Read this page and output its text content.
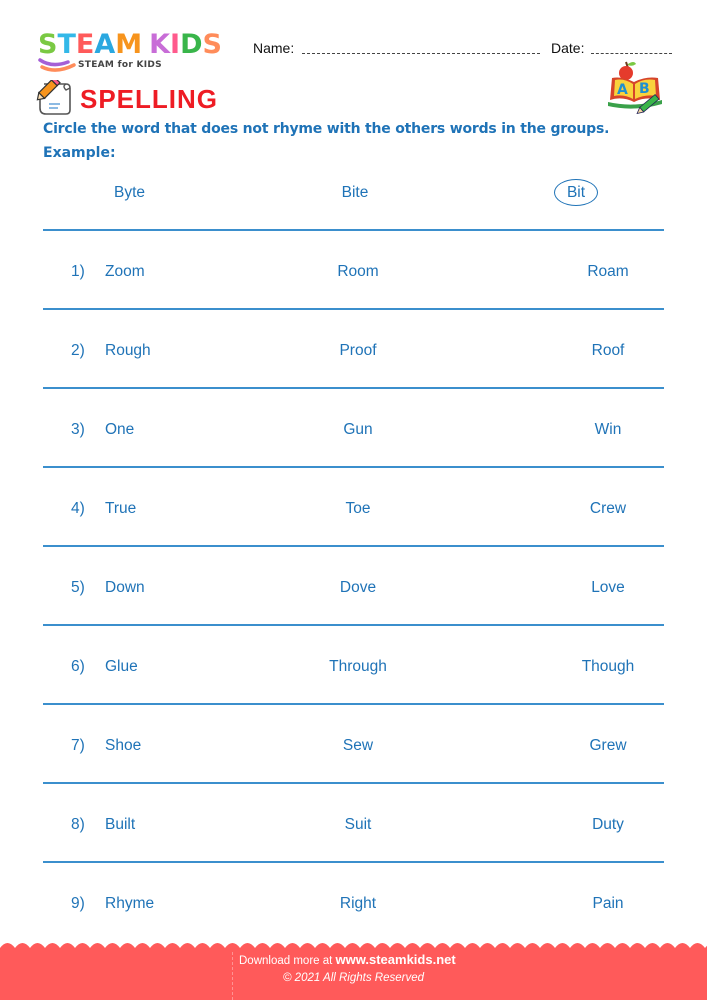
STEAM KIDS
STEAM for KIDS
Name:	Date:
SPELLING	A B
Circle the word that does not rhyme with the others words in the groups.
Example:
Byte	Bite	Bit
1) Zoom	Room	Roam
2) Rough	Proof	Roof
3) One	Gun	Win
4) True	Toe	Crew
5) Down	Dove	Love
6) Glue	Through	Though
7) Shoe	Sew	Grew
8) Built	Suit	Duty
9) Rhyme	Right	Pain
Download more at www.steamkids.net
© 2021 All Rights Reserved
